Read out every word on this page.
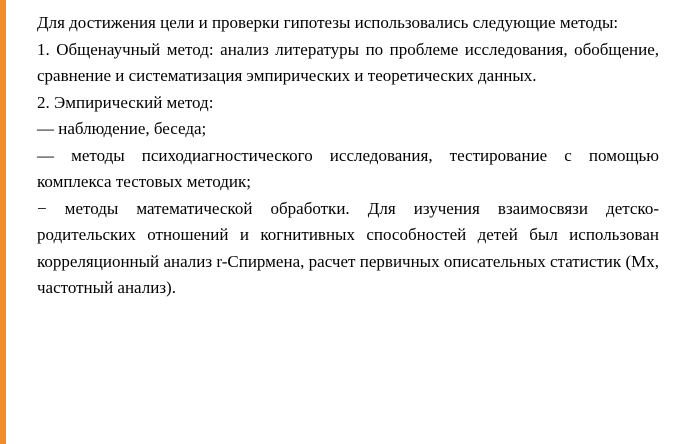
Для достижения цели и проверки гипотезы использовались следующие методы:

1. Общенаучный метод: анализ литературы по проблеме исследования, обобщение, сравнение и систематизация эмпирических и теоретических данных.

2. Эмпирический метод:

— наблюдение, беседа;

— методы психодиагностического исследования, тестирование с помощью комплекса тестовых методик;

− методы математической обработки. Для изучения взаимосвязи детско-родительских отношений и когнитивных способностей детей был использован корреляционный анализ r-Спирмена, расчет первичных описательных статистик (Mx, частотный анализ).
